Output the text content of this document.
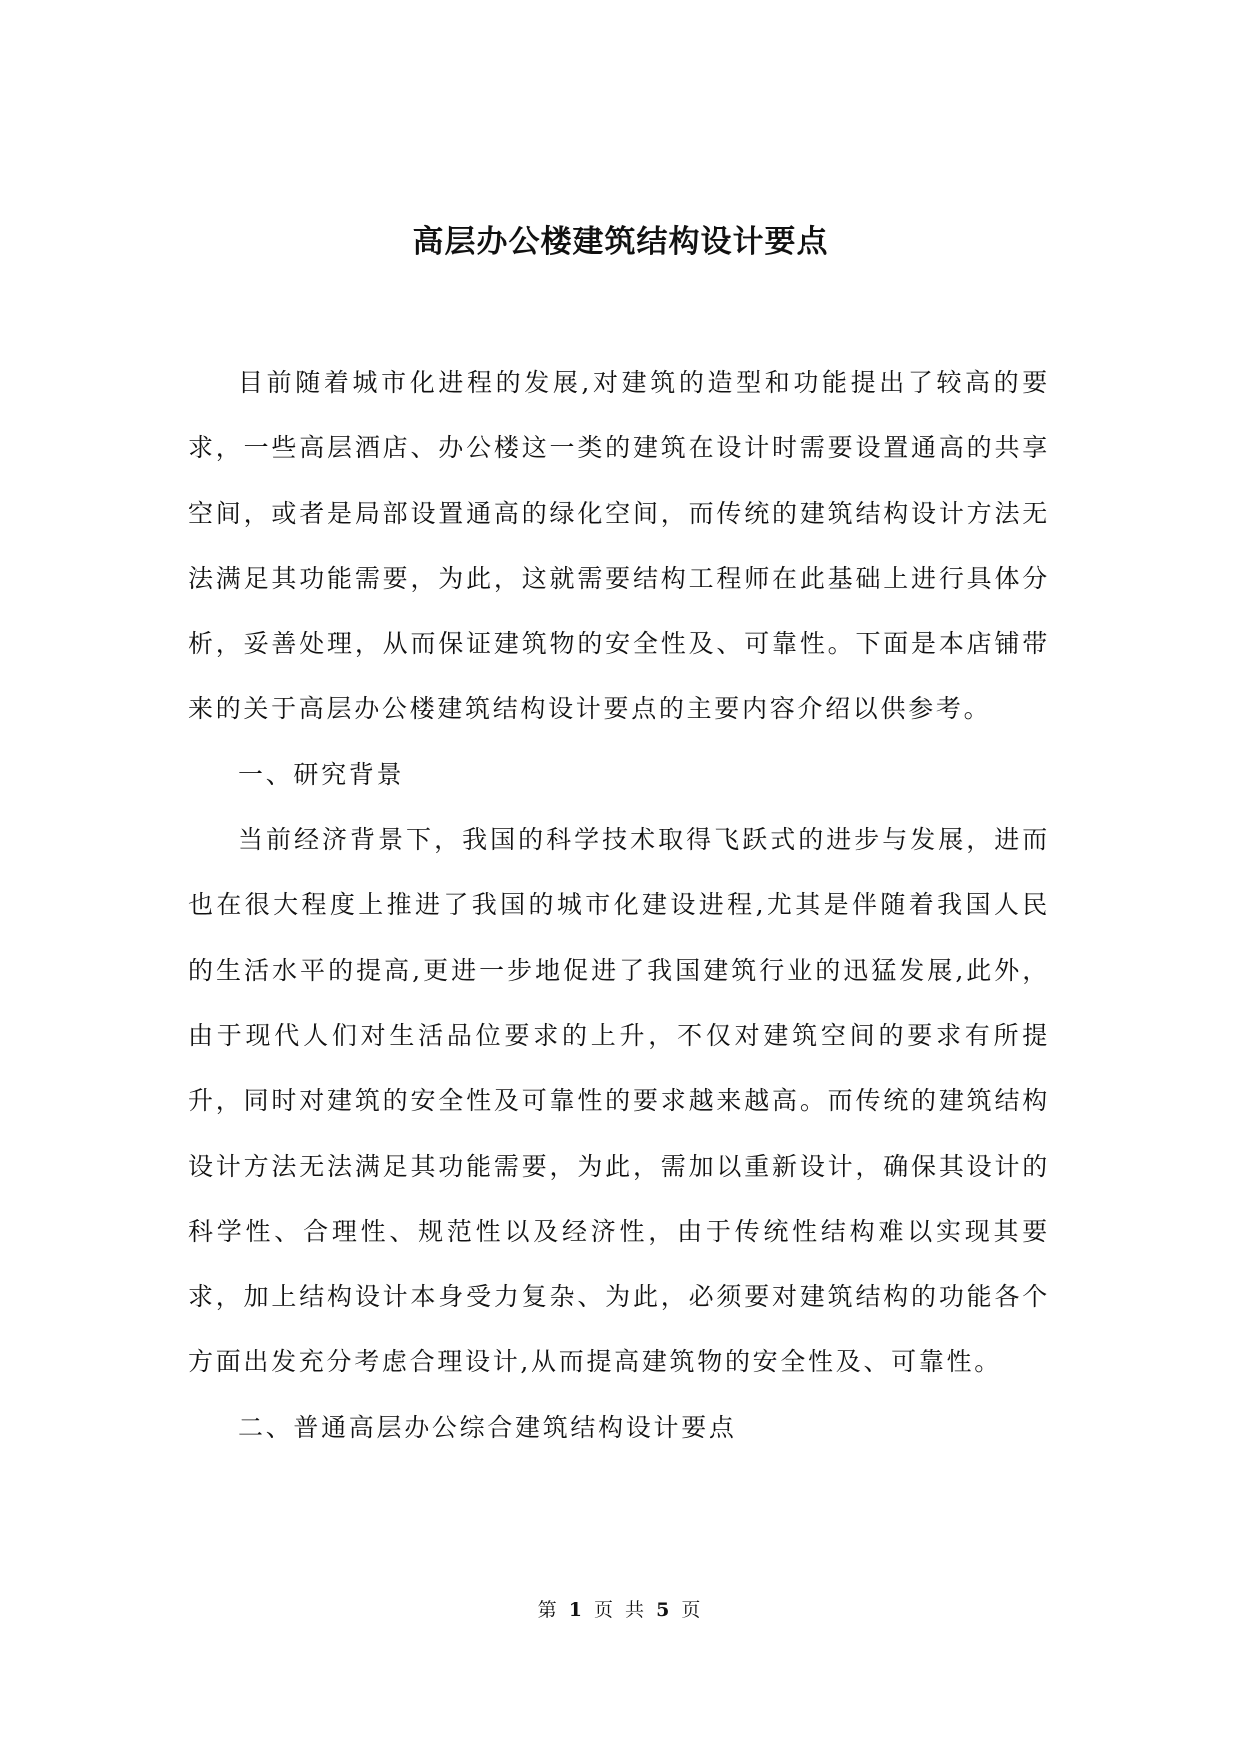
高层办公楼建筑结构设计要点

目前随着城市化进程的发展,对建筑的造型和功能提出了较高的要求，一些高层酒店、办公楼这一类的建筑在设计时需要设置通高的共享空间，或者是局部设置通高的绿化空间，而传统的建筑结构设计方法无法满足其功能需要，为此，这就需要结构工程师在此基础上进行具体分析，妥善处理，从而保证建筑物的安全性及、可靠性。下面是本店铺带来的关于高层办公楼建筑结构设计要点的主要内容介绍以供参考。

一、研究背景

当前经济背景下，我国的科学技术取得飞跃式的进步与发展，进而也在很大程度上推进了我国的城市化建设进程,尤其是伴随着我国人民的生活水平的提高,更进一步地促进了我国建筑行业的迅猛发展,此外，由于现代人们对生活品位要求的上升，不仅对建筑空间的要求有所提升，同时对建筑的安全性及可靠性的要求越来越高。而传统的建筑结构设计方法无法满足其功能需要，为此，需加以重新设计，确保其设计的科学性、合理性、规范性以及经济性，由于传统性结构难以实现其要求，加上结构设计本身受力复杂、为此，必须要对建筑结构的功能各个方面出发充分考虑合理设计,从而提高建筑物的安全性及、可靠性。

二、普通高层办公综合建筑结构设计要点

第 1 页 共 5 页
